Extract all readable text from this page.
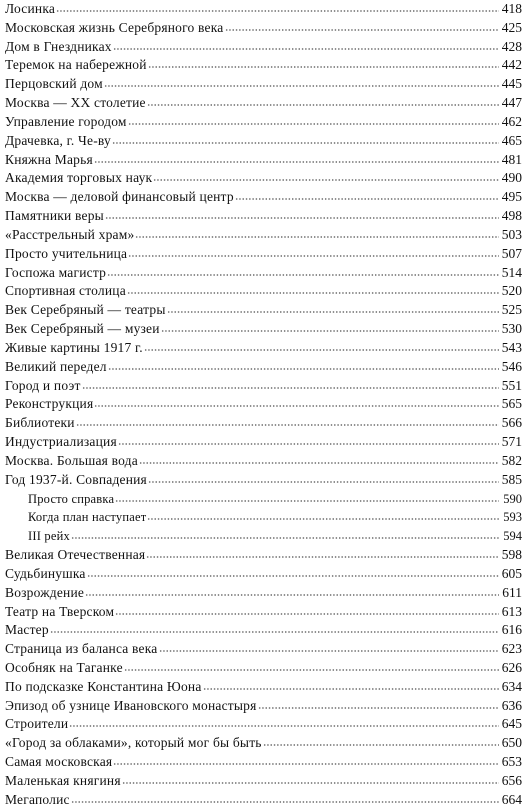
Лосинка	418
Московская жизнь Серебряного века	425
Дом в Гнездниках	428
Теремок на набережной	442
Перцовский дом	445
Москва — XX столетие	447
Управление городом	462
Драчевка, г. Че-ву	465
Княжна Марья	481
Академия торговых наук	490
Москва — деловой финансовый центр	495
Памятники веры	498
«Расстрельный храм»	503
Просто учительница	507
Госпожа магистр	514
Спортивная столица	520
Век Серебряный — театры	525
Век Серебряный — музеи	530
Живые картины 1917 г.	543
Великий передел	546
Город и поэт	551
Реконструкция	565
Библиотеки	566
Индустриализация	571
Москва. Большая вода	582
Год 1937-й. Совпадения	585
Просто справка	590
Когда план наступает	593
III рейх	594
Великая Отечественная	598
Судьбинушка	605
Возрождение	611
Театр на Тверском	613
Мастер	616
Страница из баланса века	623
Особняк на Таганке	626
По подсказке Константина Юона	634
Эпизод об узнице Ивановского монастыря	636
Строители	645
«Город за облаками», который мог бы быть	650
Самая московская	653
Маленькая княгиня	656
Мегаполис	664
